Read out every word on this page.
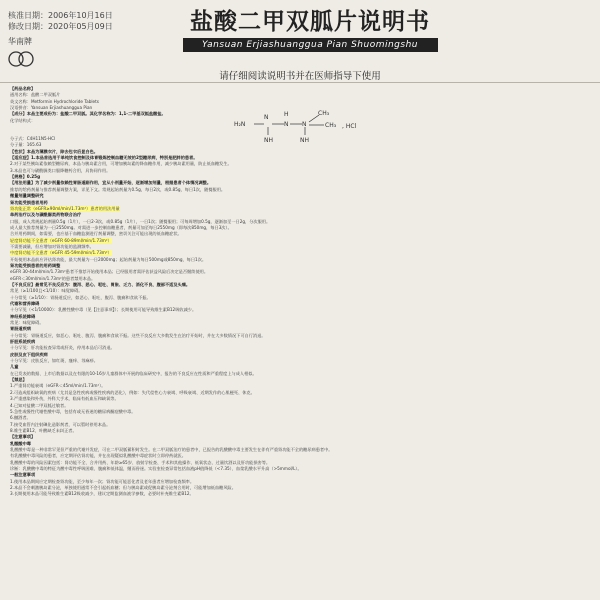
核准日期：2006年10月16日
修改日期：2020年05月09日
华南牌
盐酸二甲双胍片说明书
Yansuan Erjiashuanggua Pian Shuomingshu
请仔细阅读说明书并在医师指导下使用
H₂N
N
NH
N
H
N
NH
CH₃
CH₃ , HCl
【药品名称】
通用名称：盐酸二甲双胍片
英文名称：Metformin Hydrochloride Tablets
汉语拼音：Yansuan Erjiashuanggua Pian
【成分】本品主要成份为：盐酸二甲双胍。其化学名称为：1,1-二甲基双胍盐酸盐。
化学结构式：
分子式：C4H11N5·HCl
分子量：165.63
【性状】本品为薄膜衣片，除去包衣后显白色。
【适应症】1.本品首选用于单纯饮食控制及体育锻炼控制血糖无效的2型糖尿病，特别是肥胖的患者。
2.对于某些胰岛素依赖型糖尿病，本品与胰岛素合用，可增加胰岛素的降血糖作用，减少胰岛素用量，防止低血糖发生。
3.本品也可与磺酰脲类口服降糖药合用，具协同作用。
【规格】0.25g
【用法用量】为了减少剂量依赖性胃肠道副作用，宜从小剂量开始，逐渐增加剂量，根据患者个体情况调整。
推荐的给药剂量与推荐剂量调整方案，详见下文。常规起始剂量为0.5g，每日2次，或0.85g，每日1次，随餐服用。
微量剂量调整研究
肾功能受损患者用药
肾功能正常（eGFR≥90ml/min/1.73m²）患者的用法用量
单药治疗以及与磺酰脲类药物联合治疗
口服，成人常规起始剂量0.5g（1片），一日2-3次，或0.85g（1片），一日1次；随餐服用；可每周增加0.5g，逐渐加至一日2g，分次服用。
成人最大推荐剂量为一日2550mg。对需进一步控制血糖患者，剂量可加至每日2550mg（即每次850mg，每日3次）。
合并用药期间，如需要，也应基于血糖监测进行剂量调整，密切关注可能出现的低血糖症状。
轻度肾功能不全患者（eGFR 60-89ml/min/1.73m²）
不需要减量，但应增加对肾功能的监测频率。
中度肾功能不全患者（eGFR 45-59ml/min/1.73m²）
开始使用本品前应评估肾功能，最大剂量为一日2000mg；起始剂量为每日500mg或850mg，每日1次。
肾功能受损患者的用药调整
eGFR 30-44ml/min/1.73m²患者不推荐开始使用本品；已经服用者需评估获益风险后决定是否继续使用。
eGFR＜30ml/min/1.73m²的患者禁用本品。
【不良反应】最常见不良反应为：腹泻、恶心、呕吐、胃胀、乏力、消化不良、腹部不适及头痛。
常见（≥1/100且<1/10）：味觉障碍。
十分常见（≥1/10）：胃肠道反应，如恶心、呕吐、腹泻、腹痛和食欲不振。
代谢和营养障碍
十分罕见（<1/10000）：乳酸性酸中毒（见【注意事项】）；长期使用可能导致维生素B12吸收减少。
神经系统障碍
常见：味觉障碍。
胃肠道疾病
十分常见：胃肠道反应，如恶心、呕吐、腹泻、腹痛和食欲不振。这些不良反应大多数发生在治疗开始时，并在大多数情况下可自行消退。
肝胆系统疾病
十分罕见：肝功能检查异常或肝炎，停用本品后可消退。
皮肤及皮下组织疾病
十分罕见：皮肤反应，如红斑、瘙痒、荨麻疹。
儿童
在已发表的数据、上市后数据以及在有限的10-16岁儿童群体中开展的临床研究中，报告的不良反应在性质和严重程度上与成人相似。
【禁忌】
1.严重肾功能衰竭（eGFR＜45ml/min/1.73m²）。
2.可造成组织缺氧的疾病（尤其是急性疾病或慢性疾病的恶化），例如：失代偿性心力衰竭、呼吸衰竭、近期发作的心肌梗死、休克。
3.严重感染和外伤，外科大手术，临床有低血压和缺氧等。
4.已知对盐酸二甲双胍过敏者。
5.急性或慢性代谢性酸中毒，包括有或无昏迷的糖尿病酮症酸中毒。
6.酗酒者。
7.接受血管内注射碘化造影剂者，可以暂时停用本品。
8.维生素B12、叶酸缺乏未纠正者。
【注意事项】
乳酸酸中毒
乳酸酸中毒是一种非常罕见但严重的代谢并发症，可在二甲双胍蓄积时发生。在二甲双胍治疗的患者中，已报告的乳酸酸中毒主要发生在伴有严重肾功能不全的糖尿病患者中。
有乳酸酸中毒风险的患者，应定期评估肾功能，并在出现疑似乳酸酸中毒症状时立即停药就医。
乳酸酸中毒的风险因素包括：肾功能不全、合并用药、年龄≥65岁、放射学检查、手术和其他操作、低氧状态、过量饮酒以及肝功能损害等。
诊断：乳酸酸中毒的特征为酸中毒性呼吸困难、腹痛和低体温，继而昏迷。实验室检查异常包括血液pH值降低（<7.35）、血浆乳酸水平升高（>5mmol/L）。
一般注意事项
1.使用本品期间应定期检查肾功能，至少每年一次；肾功能可能恶化者及老年患者应增加检查频率。
2.本品不会刺激胰岛素分泌，单独使用通常不会引起低血糖；但与胰岛素或促胰岛素分泌剂合用时，可能增加低血糖风险。
3.长期使用本品可能导致维生素B12吸收减少，建议定期监测血液学参数，必要时补充维生素B12。
